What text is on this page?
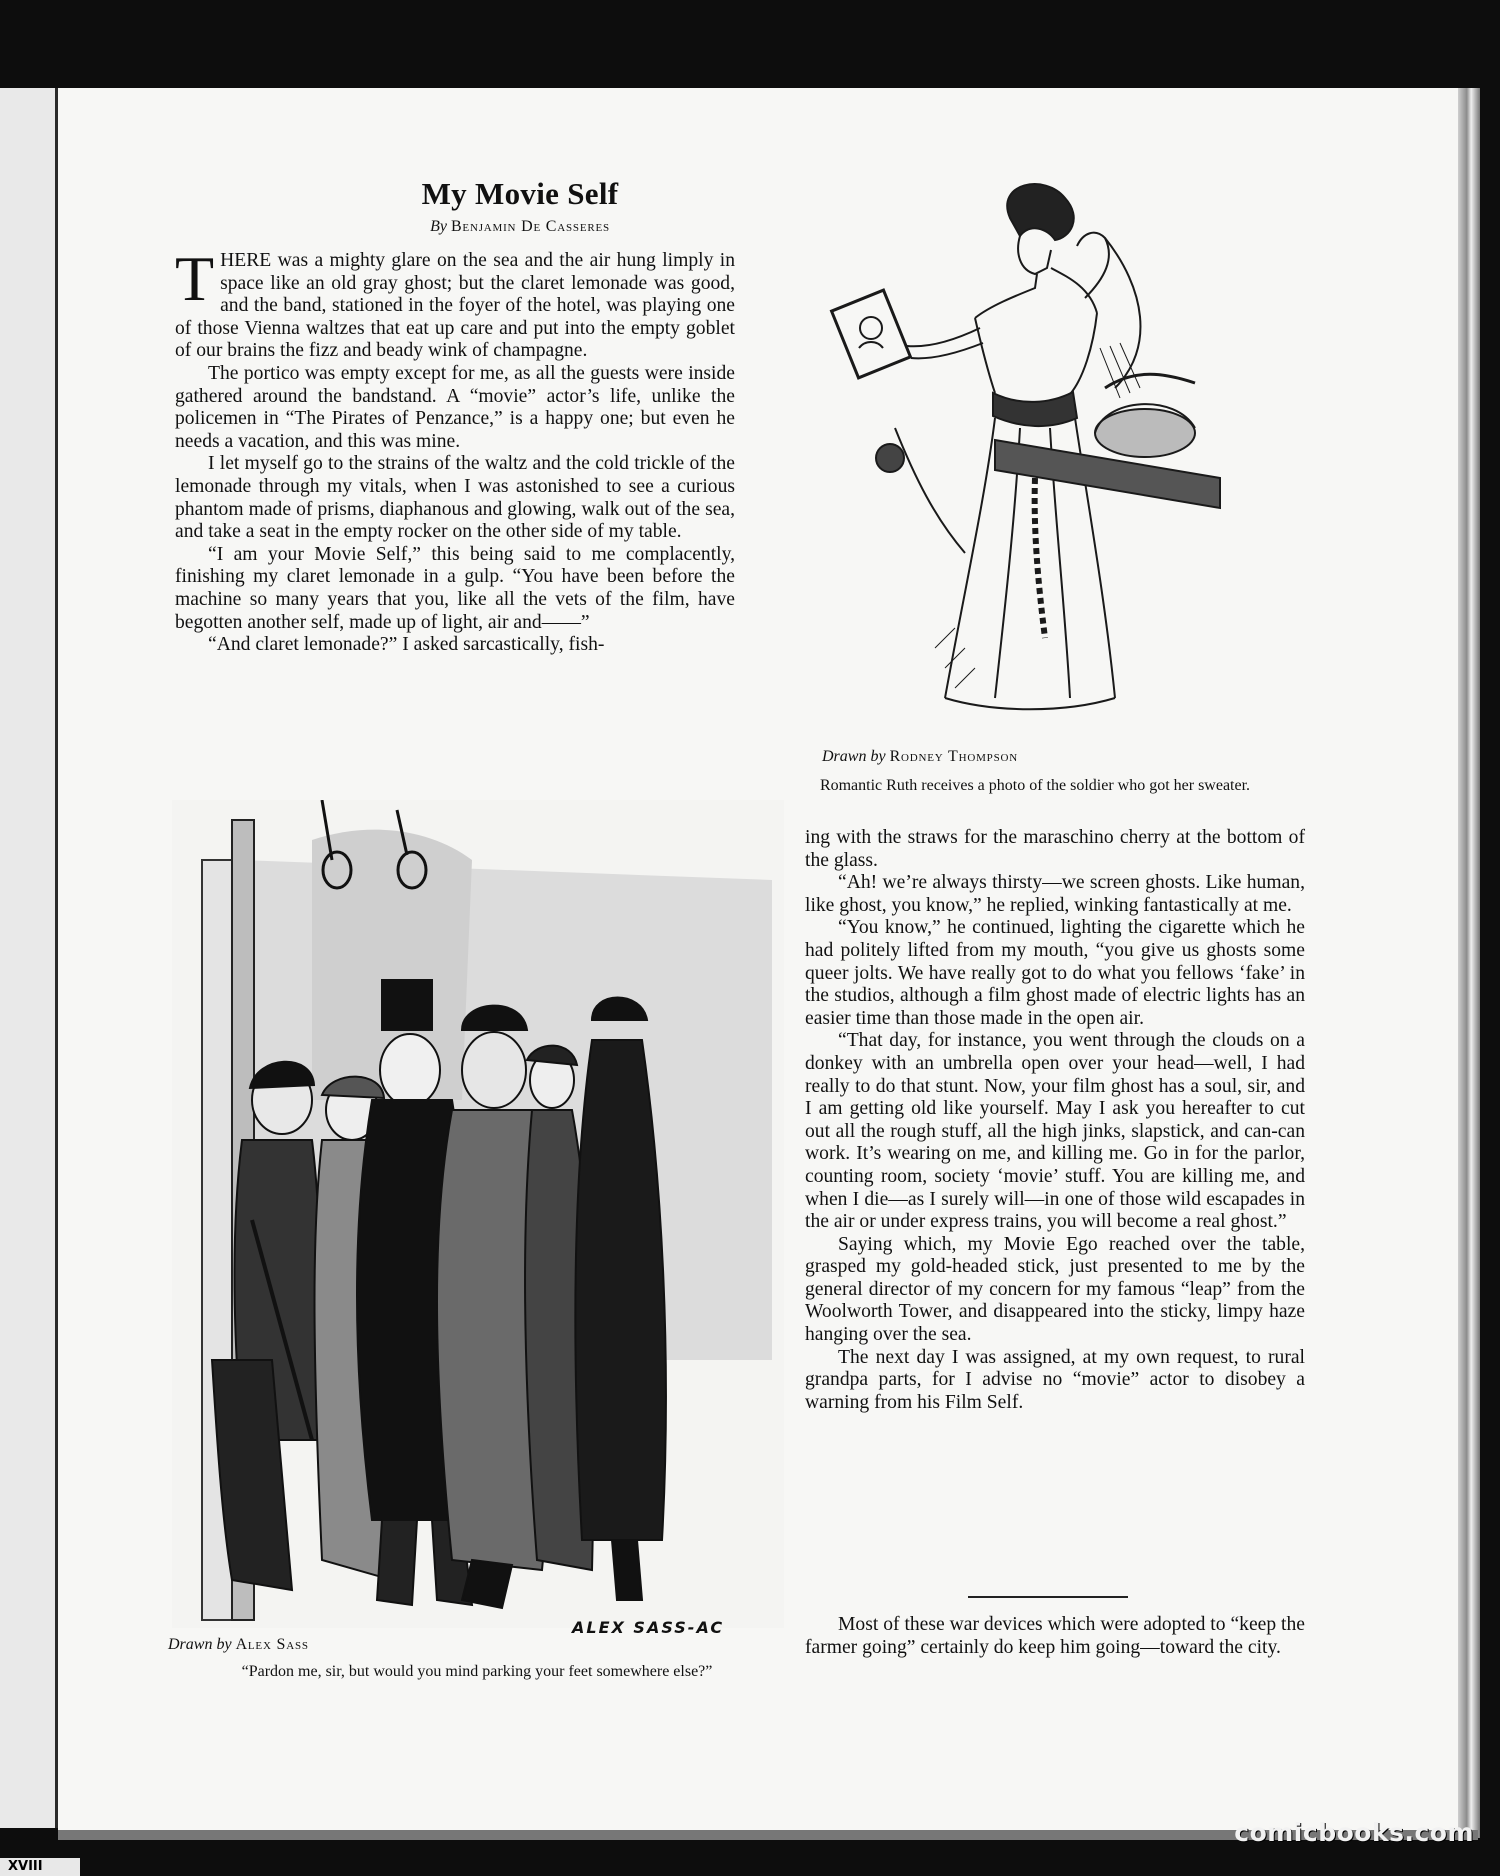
My Movie Self
By Benjamin De Casseres

THERE was a mighty glare on the sea and the air hung limply in space like an old gray ghost; but the claret lemonade was good, and the band, stationed in the foyer of the hotel, was playing one of those Vienna waltzes that eat up care and put into the empty goblet of our brains the fizz and beady wink of champagne.

The portico was empty except for me, as all the guests were inside gathered around the bandstand. A “movie” actor’s life, unlike the policemen in “The Pirates of Penzance,” is a happy one; but even he needs a vacation, and this was mine.

I let myself go to the strains of the waltz and the cold trickle of the lemonade through my vitals, when I was astonished to see a curious phantom made of prisms, diaphanous and glowing, walk out of the sea, and take a seat in the empty rocker on the other side of my table.

“I am your Movie Self,” this being said to me complacently, finishing my claret lemonade in a gulp. “You have been before the machine so many years that you, like all the vets of the film, have begotten another self, made up of light, air and——”

“And claret lemonade?” I asked sarcastically, fish-

Drawn by Rodney Thompson
Romantic Ruth receives a photo of the soldier who got her sweater.
ALEX SASS-AC
Drawn by Alex Sass
“Pardon me, sir, but would you mind parking your feet somewhere else?”

ing with the straws for the maraschino cherry at the bottom of the glass.

“Ah! we’re always thirsty—we screen ghosts. Like human, like ghost, you know,” he replied, winking fantastically at me.

“You know,” he continued, lighting the cigarette which he had politely lifted from my mouth, “you give us ghosts some queer jolts. We have really got to do what you fellows ‘fake’ in the studios, although a film ghost made of electric lights has an easier time than those made in the open air.

“That day, for instance, you went through the clouds on a donkey with an umbrella open over your head—well, I had really to do that stunt. Now, your film ghost has a soul, sir, and I am getting old like yourself. May I ask you hereafter to cut out all the rough stuff, all the high jinks, slapstick, and can-can work. It’s wearing on me, and killing me. Go in for the parlor, counting room, society ‘movie’ stuff. You are killing me, and when I die—as I surely will—in one of those wild escapades in the air or under express trains, you will become a real ghost.”

Saying which, my Movie Ego reached over the table, grasped my gold-headed stick, just presented to me by the general director of my concern for my famous “leap” from the Woolworth Tower, and disappeared into the sticky, limpy haze hanging over the sea.

The next day I was assigned, at my own request, to rural grandpa parts, for I advise no “movie” actor to disobey a warning from his Film Self.

Most of these war devices which were adopted to “keep the farmer going” certainly do keep him going—toward the city.

comicbooks.com
XVIII
